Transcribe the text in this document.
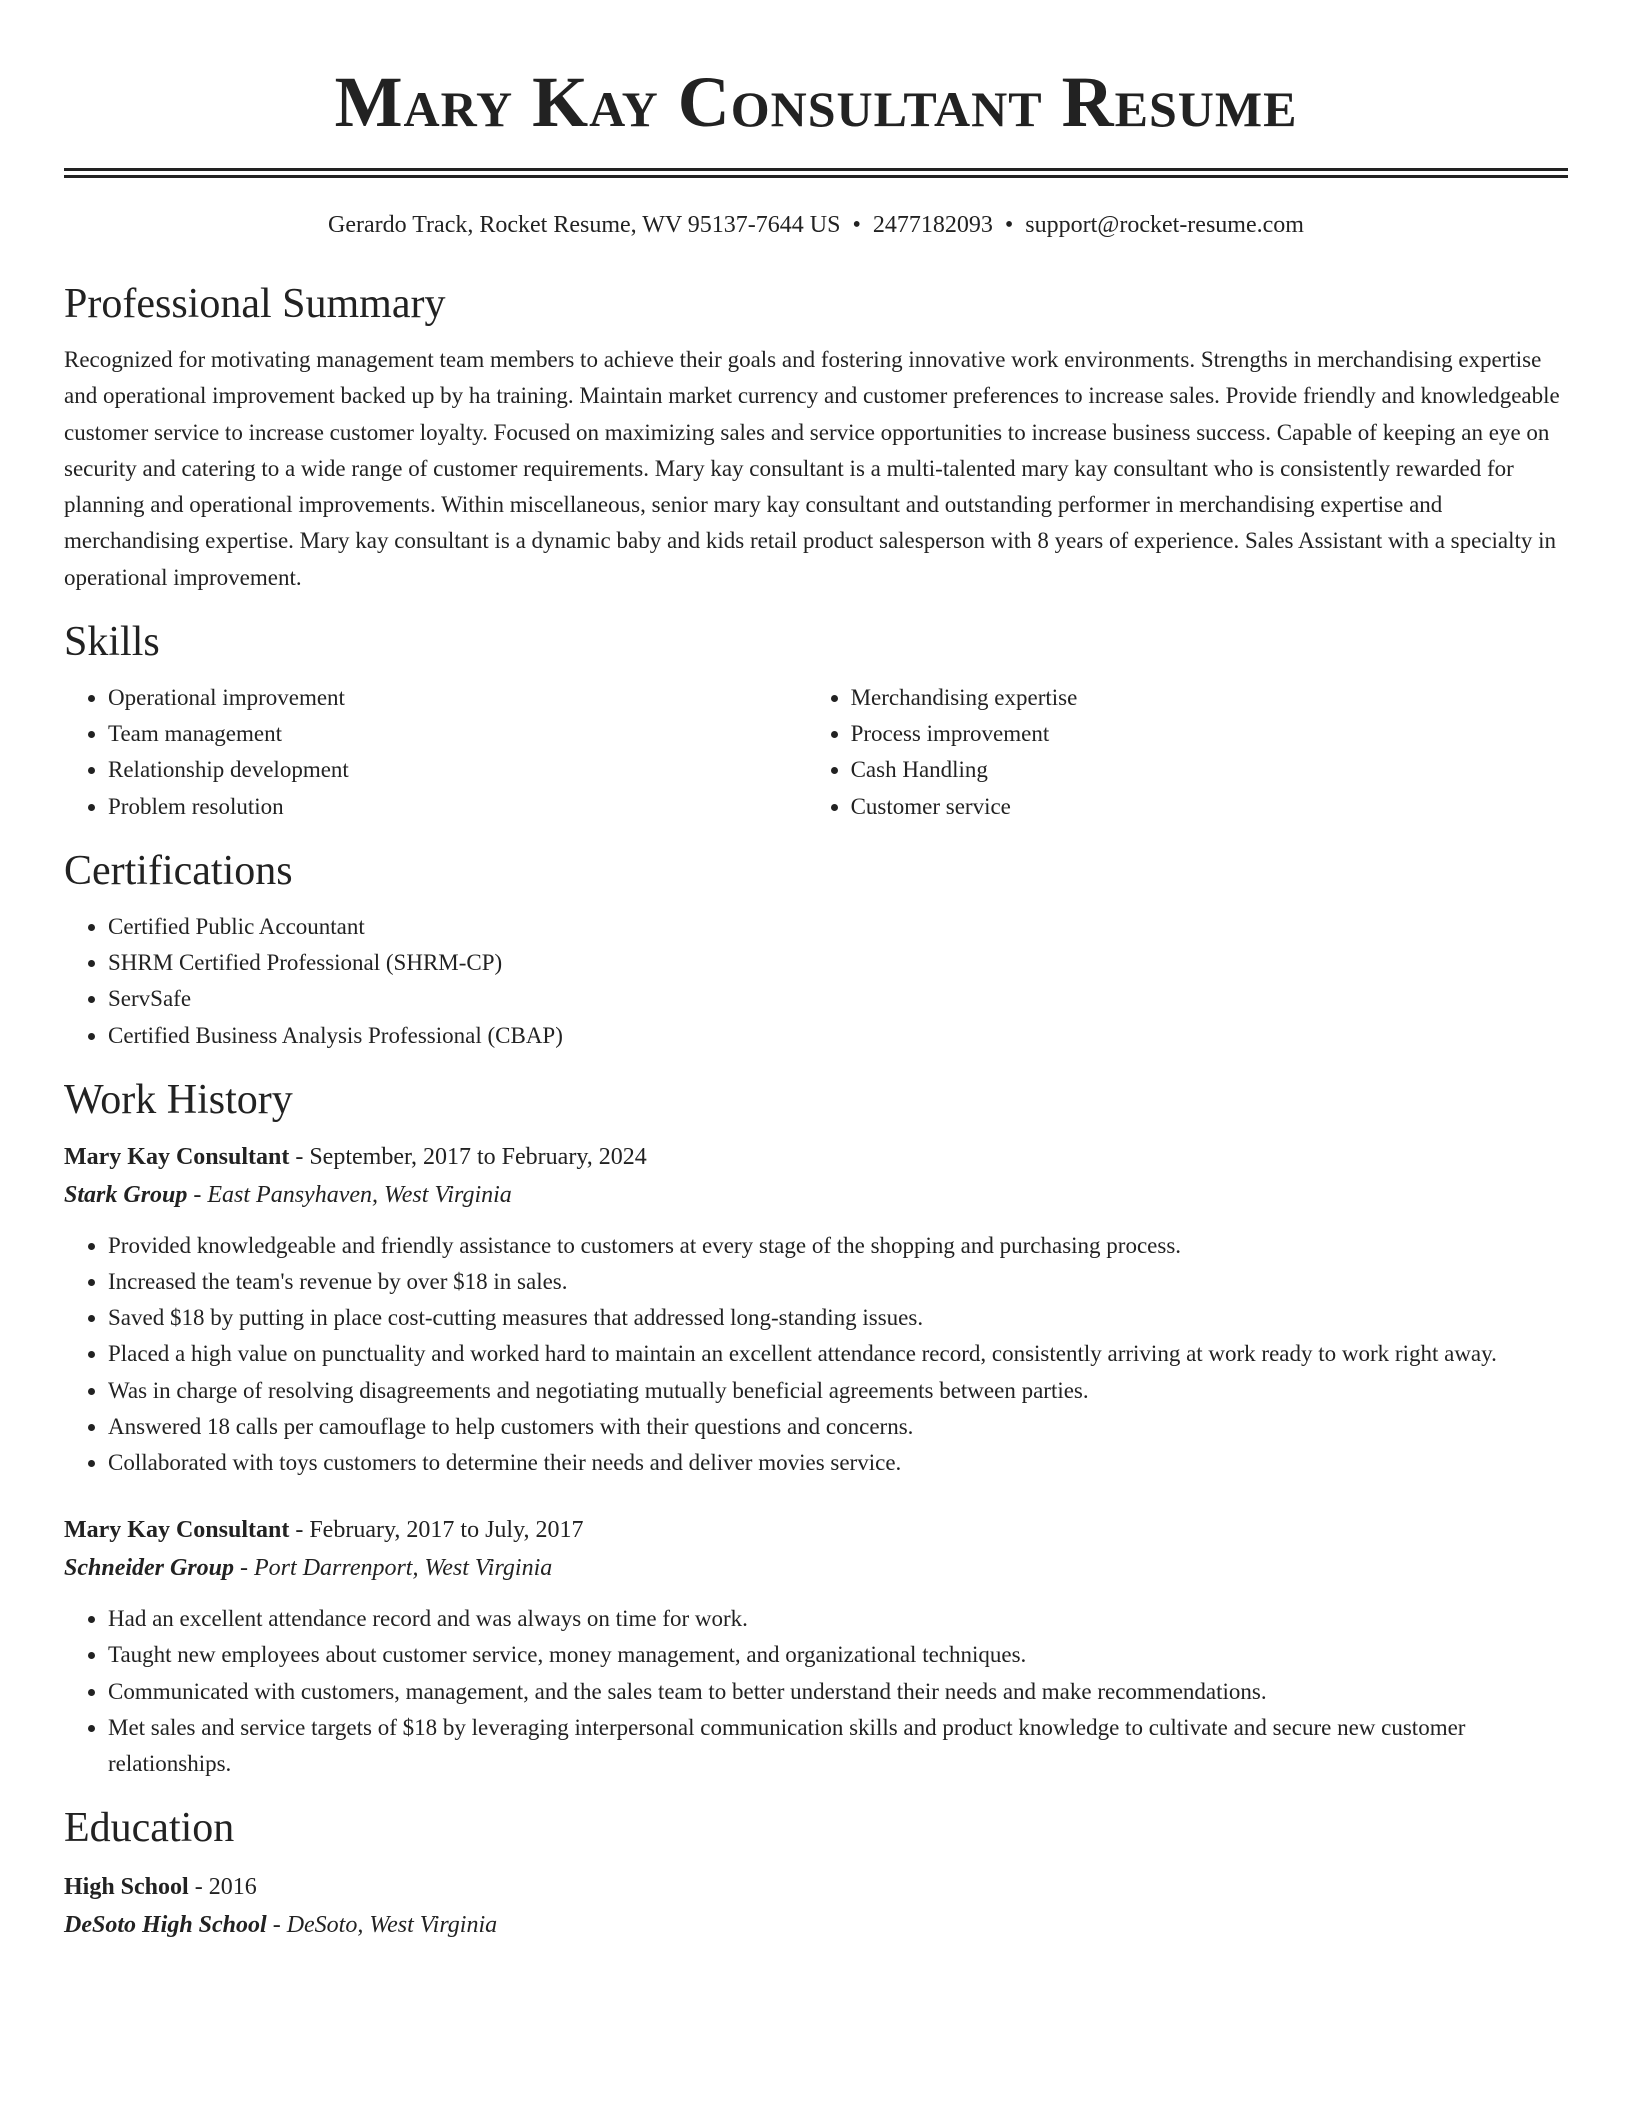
Mary Kay Consultant Resume
Gerardo Track, Rocket Resume, WV 95137-7644 US • 2477182093 • support@rocket-resume.com
Professional Summary

Recognized for motivating management team members to achieve their goals and fostering innovative work environments. Strengths in merchandising expertise and operational improvement backed up by ha training. Maintain market currency and customer preferences to increase sales. Provide friendly and knowledgeable customer service to increase customer loyalty. Focused on maximizing sales and service opportunities to increase business success. Capable of keeping an eye on security and catering to a wide range of customer requirements. Mary kay consultant is a multi-talented mary kay consultant who is consistently rewarded for planning and operational improvements. Within miscellaneous, senior mary kay consultant and outstanding performer in merchandising expertise and merchandising expertise. Mary kay consultant is a dynamic baby and kids retail product salesperson with 8 years of experience. Sales Assistant with a specialty in operational improvement.

Skills
• Operational improvement
• Team management
• Relationship development
• Problem resolution
• Merchandising expertise
• Process improvement
• Cash Handling
• Customer service
Certifications
• Certified Public Accountant
• SHRM Certified Professional (SHRM-CP)
• ServSafe
• Certified Business Analysis Professional (CBAP)
Work History
Mary Kay Consultant - September, 2017 to February, 2024
Stark Group - East Pansyhaven, West Virginia
• Provided knowledgeable and friendly assistance to customers at every stage of the shopping and purchasing process.
• Increased the team's revenue by over $18 in sales.
• Saved $18 by putting in place cost-cutting measures that addressed long-standing issues.
• Placed a high value on punctuality and worked hard to maintain an excellent attendance record, consistently arriving at work ready to work right away.
• Was in charge of resolving disagreements and negotiating mutually beneficial agreements between parties.
• Answered 18 calls per camouflage to help customers with their questions and concerns.
• Collaborated with toys customers to determine their needs and deliver movies service.
Mary Kay Consultant - February, 2017 to July, 2017
Schneider Group - Port Darrenport, West Virginia
• Had an excellent attendance record and was always on time for work.
• Taught new employees about customer service, money management, and organizational techniques.
• Communicated with customers, management, and the sales team to better understand their needs and make recommendations.
• Met sales and service targets of $18 by leveraging interpersonal communication skills and product knowledge to cultivate and secure new customer relationships.
Education
High School - 2016
DeSoto High School - DeSoto, West Virginia
